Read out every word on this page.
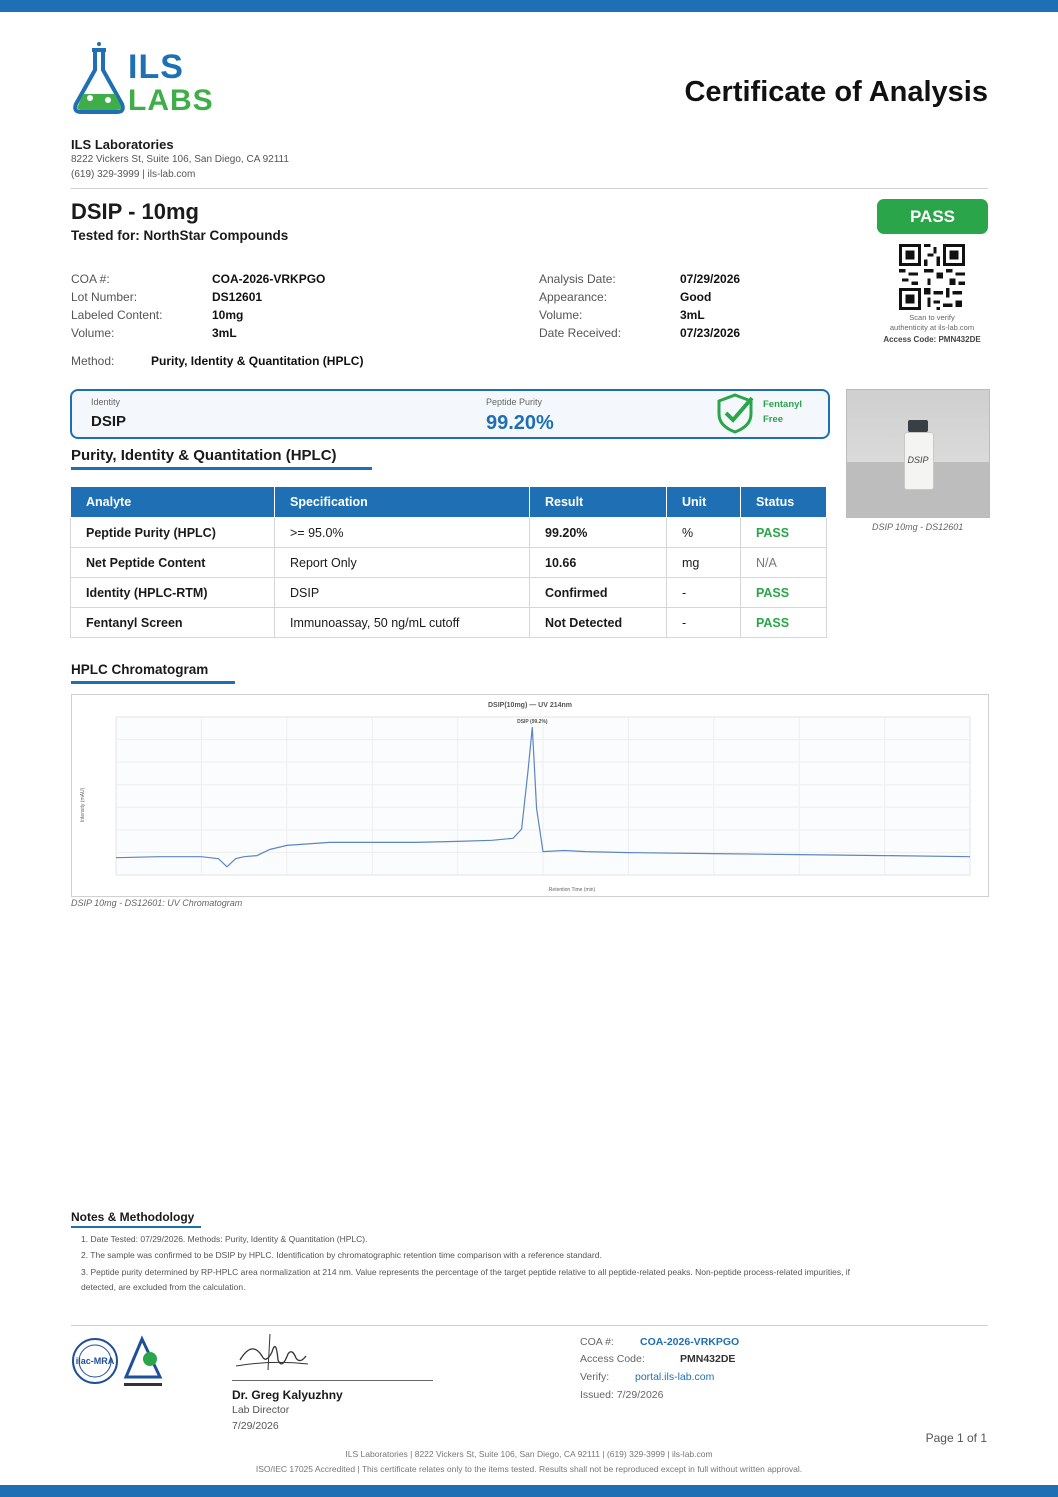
ILS
LABS	Certificate of Analysis
ILS Laboratories
8222 Vickers St, Suite 106, San Diego, CA 92111
(619) 329-3999 | ils-lab.com
DSIP - 10mg
Tested for: NorthStar Compounds
PASS
Scan to verify
authenticity at ils-lab.com
Access Code: PMN432DE
COA #:	COA-2026-VRKPGO
Lot Number:	DS12601
Labeled Content:	10mg
Volume:	3mL
Analysis Date:	07/29/2026
Appearance:	Good
Volume:	3mL
Date Received:	07/23/2026
Method:	Purity, Identity & Quantitation (HPLC)
Identity
DSIP
Peptide Purity
99.20%
Fentanyl
Free
DSIP
DSIP 10mg - DS12601
Purity, Identity & Quantitation (HPLC)
Analyte	Specification	Result	Unit	Status
Peptide Purity (HPLC)	>= 95.0%	99.20%	%	PASS
Net Peptide Content	Report Only	10.66	mg	N/A
Identity (HPLC-RTM)	DSIP	Confirmed	-	PASS
Fentanyl Screen	Immunoassay, 50 ng/mL cutoff	Not Detected	-	PASS
HPLC Chromatogram
DSIP(10mg) — UV 214nm
Retention Time (min)
Intensity (mAU)
DSIP (99.2%)
DSIP 10mg - DS12601: UV Chromatogram
Notes & Methodology
1. Date Tested: 07/29/2026. Methods: Purity, Identity & Quantitation (HPLC).
2. The sample was confirmed to be DSIP by HPLC. Identification by chromatographic retention time comparison with a reference standard.
3. Peptide purity determined by RP-HPLC area normalization at 214 nm. Value represents the percentage of the target peptide relative to all peptide-related peaks. Non-peptide process-related impurities, if
detected, are excluded from the calculation.
ilac-MRA
Dr. Greg Kalyuzhny
Lab Director
7/29/2026
COA #: COA-2026-VRKPGO
Access Code:	PMN432DE
Verify: portal.ils-lab.com
Issued: 7/29/2026
Page 1 of 1
ILS Laboratories | 8222 Vickers St, Suite 106, San Diego, CA 92111 | (619) 329-3999 | ils-lab.com
ISO/IEC 17025 Accredited | This certificate relates only to the items tested. Results shall not be reproduced except in full without written approval.
